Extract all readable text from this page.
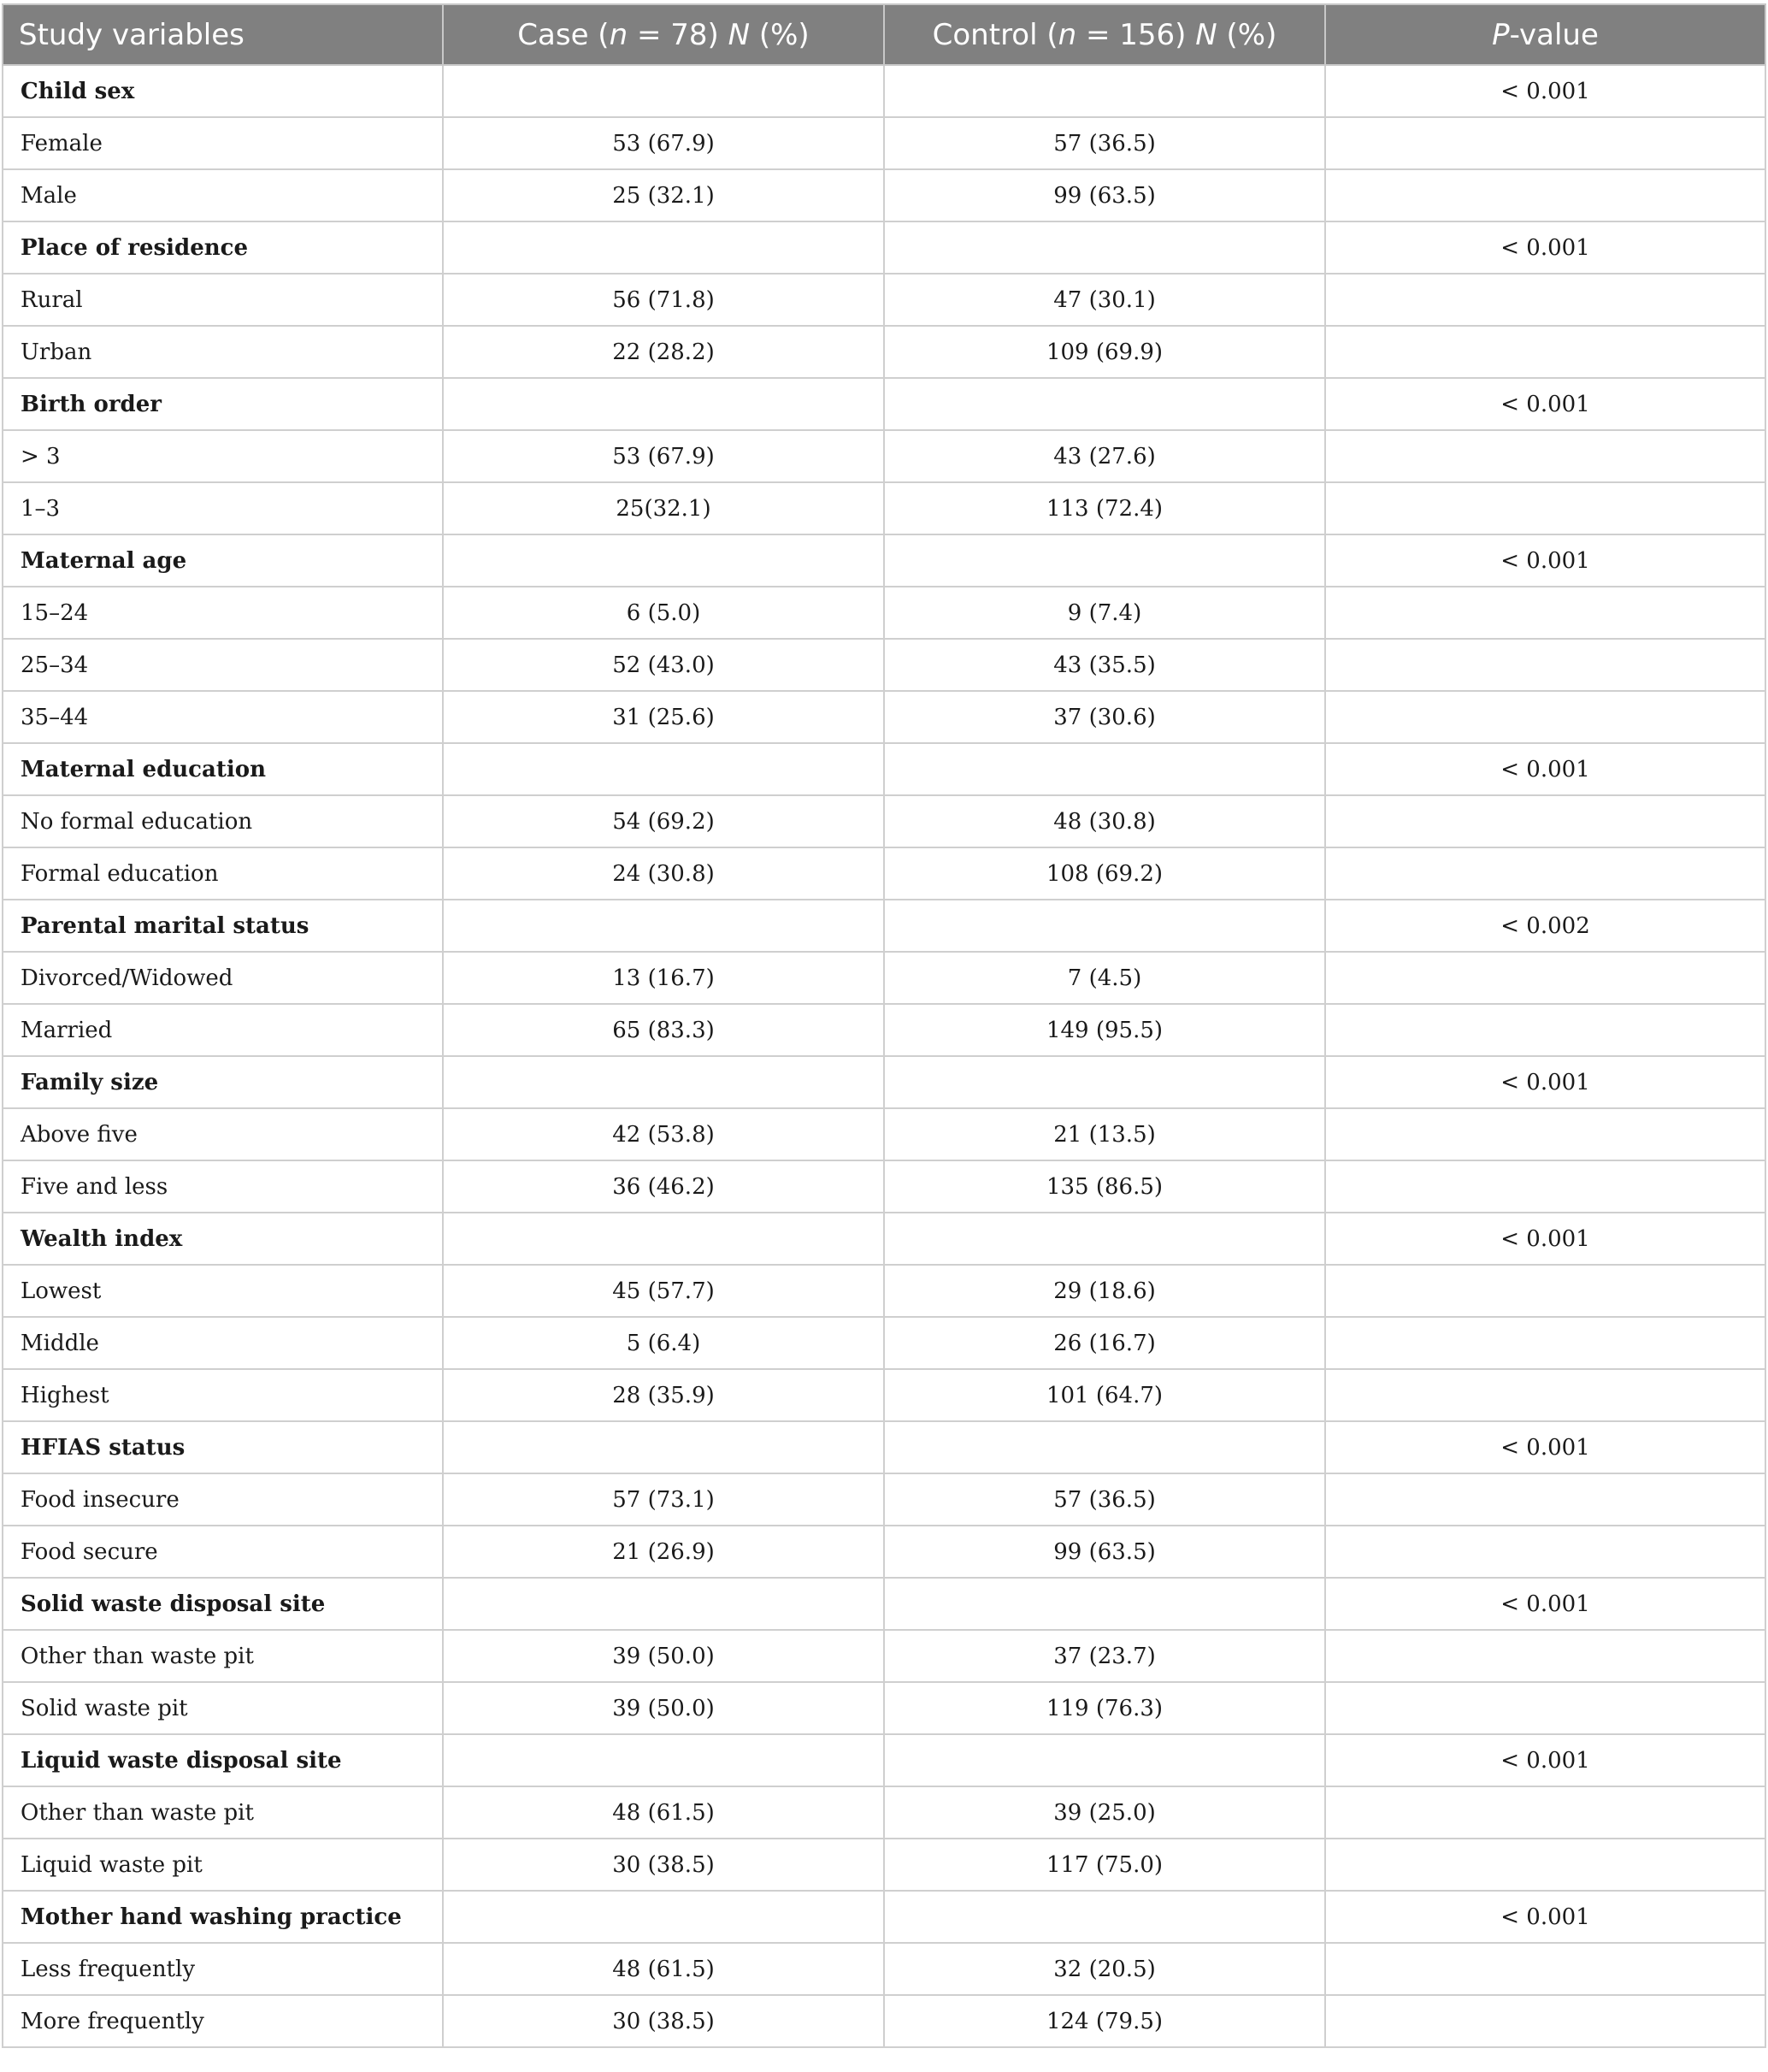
Study variables	Case (n = 78) N (%)	Control (n = 156) N (%)	P-value
Child sex			< 0.001
Female	53 (67.9)	57 (36.5)	
Male	25 (32.1)	99 (63.5)	
Place of residence			< 0.001
Rural	56 (71.8)	47 (30.1)	
Urban	22 (28.2)	109 (69.9)	
Birth order			< 0.001
> 3	53 (67.9)	43 (27.6)	
1–3	25(32.1)	113 (72.4)	
Maternal age			< 0.001
15–24	6 (5.0)	9 (7.4)	
25–34	52 (43.0)	43 (35.5)	
35–44	31 (25.6)	37 (30.6)	
Maternal education			< 0.001
No formal education	54 (69.2)	48 (30.8)	
Formal education	24 (30.8)	108 (69.2)	
Parental marital status			< 0.002
Divorced/Widowed	13 (16.7)	7 (4.5)	
Married	65 (83.3)	149 (95.5)	
Family size			< 0.001
Above five	42 (53.8)	21 (13.5)	
Five and less	36 (46.2)	135 (86.5)	
Wealth index			< 0.001
Lowest	45 (57.7)	29 (18.6)	
Middle	5 (6.4)	26 (16.7)	
Highest	28 (35.9)	101 (64.7)	
HFIAS status			< 0.001
Food insecure	57 (73.1)	57 (36.5)	
Food secure	21 (26.9)	99 (63.5)	
Solid waste disposal site			< 0.001
Other than waste pit	39 (50.0)	37 (23.7)	
Solid waste pit	39 (50.0)	119 (76.3)	
Liquid waste disposal site			< 0.001
Other than waste pit	48 (61.5)	39 (25.0)	
Liquid waste pit	30 (38.5)	117 (75.0)	
Mother hand washing practice			< 0.001
Less frequently	48 (61.5)	32 (20.5)	
More frequently	30 (38.5)	124 (79.5)	
